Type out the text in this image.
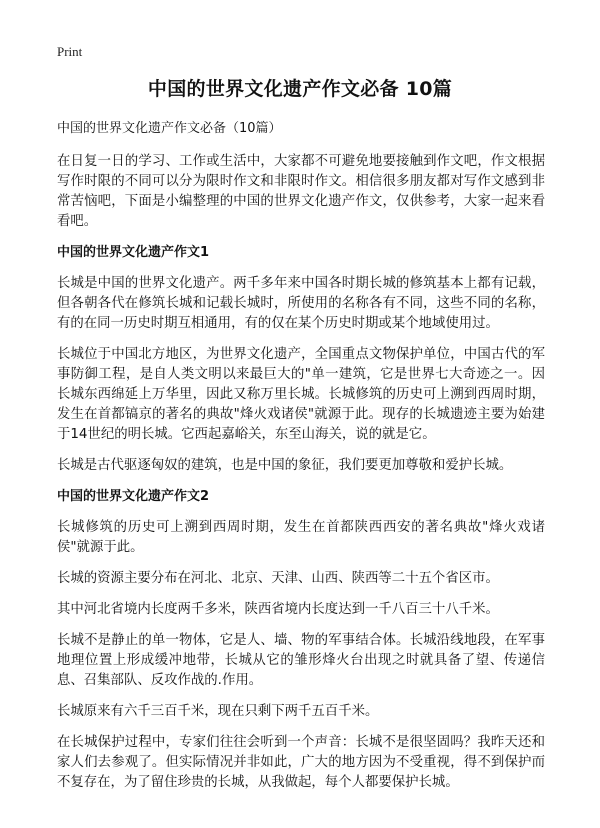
Print
中国的世界文化遗产作文必备 10篇
中国的世界文化遗产作文必备（10篇）
在日复一日的学习、工作或生活中，大家都不可避免地要接触到作文吧，作文根据写作时限的不同可以分为限时作文和非限时作文。相信很多朋友都对写作文感到非常苦恼吧，下面是小编整理的中国的世界文化遗产作文，仅供参考，大家一起来看看吧。
中国的世界文化遗产作文1
长城是中国的世界文化遗产。两千多年来中国各时期长城的修筑基本上都有记载，但各朝各代在修筑长城和记载长城时，所使用的名称各有不同，这些不同的名称，有的在同一历史时期互相通用，有的仅在某个历史时期或某个地域使用过。
长城位于中国北方地区，为世界文化遗产，全国重点文物保护单位，中国古代的军事防御工程，是自人类文明以来最巨大的"单一建筑，它是世界七大奇迹之一。因长城东西绵延上万华里，因此又称万里长城。长城修筑的历史可上溯到西周时期，发生在首都镐京的著名的典故"烽火戏诸侯"就源于此。现存的长城遗迹主要为始建于14世纪的明长城。它西起嘉峪关，东至山海关，说的就是它。
长城是古代驱逐匈奴的建筑，也是中国的象征，我们要更加尊敬和爱护长城。
中国的世界文化遗产作文2
长城修筑的历史可上溯到西周时期，发生在首都陕西西安的著名典故"烽火戏诸侯"就源于此。
长城的资源主要分布在河北、北京、天津、山西、陕西等二十五个省区市。
其中河北省境内长度两千多米，陕西省境内长度达到一千八百三十八千米。
长城不是静止的单一物体，它是人、墙、物的军事结合体。长城沿线地段，在军事地理位置上形成缓冲地带，长城从它的雏形烽火台出现之时就具备了望、传递信息、召集部队、反攻作战的.作用。
长城原来有六千三百千米，现在只剩下两千五百千米。
在长城保护过程中，专家们往往会听到一个声音：长城不是很坚固吗？我昨天还和家人们去参观了。但实际情况并非如此，广大的地方因为不受重视，得不到保护而不复存在，为了留住珍贵的长城，从我做起，每个人都要保护长城。
